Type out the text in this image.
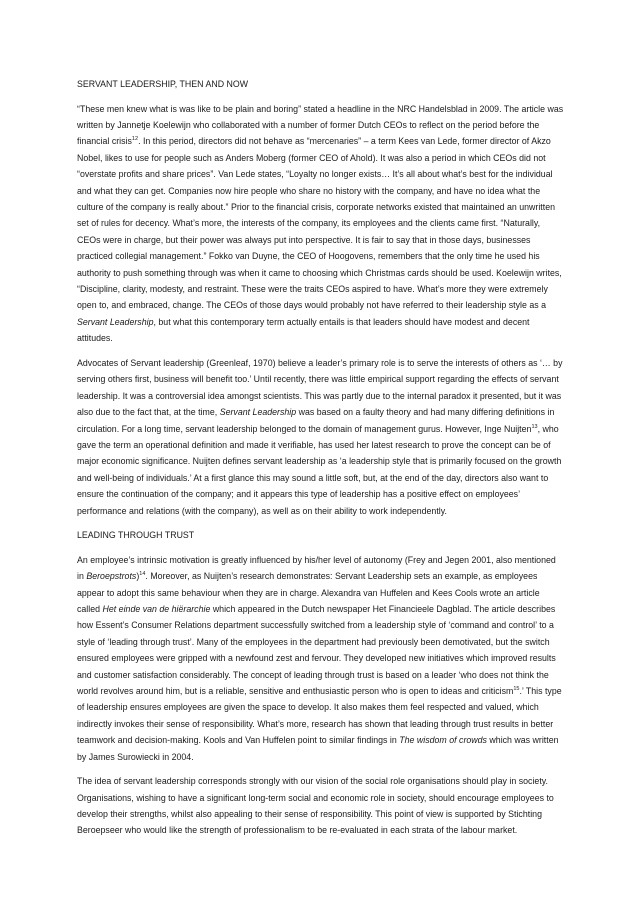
SERVANT LEADERSHIP, THEN AND NOW

“These men knew what is was like to be plain and boring” stated a headline in the NRC Handelsblad in 2009. The article was written by Jannetje Koelewijn who collaborated with a number of former Dutch CEOs to reflect on the period before the financial crisis$^{12}$. In this period, directors did not behave as “mercenaries” – a term Kees van Lede, former director of Akzo Nobel, likes to use for people such as Anders Moberg (former CEO of Ahold). It was also a period in which CEOs did not “overstate profits and share prices”. Van Lede states, “Loyalty no longer exists… It’s all about what’s best for the individual and what they can get. Companies now hire people who share no history with the company, and have no idea what the culture of the company is really about.” Prior to the financial crisis, corporate networks existed that maintained an unwritten set of rules for decency. What’s more, the interests of the company, its employees and the clients came first. “Naturally, CEOs were in charge, but their power was always put into perspective. It is fair to say that in those days, businesses practiced collegial management.” Fokko van Duyne, the CEO of Hoogovens, remembers that the only time he used his authority to push something through was when it came to choosing which Christmas cards should be used. Koelewijn writes, “Discipline, clarity, modesty, and restraint. These were the traits CEOs aspired to have. What’s more they were extremely open to, and embraced, change. The CEOs of those days would probably not have referred to their leadership style as a Servant Leadership, but what this contemporary term actually entails is that leaders should have modest and decent attitudes.

Advocates of Servant leadership (Greenleaf, 1970) believe a leader’s primary role is to serve the interests of others as ‘… by serving others first, business will benefit too.’ Until recently, there was little empirical support regarding the effects of servant leadership. It was a controversial idea amongst scientists. This was partly due to the internal paradox it presented, but it was also due to the fact that, at the time, Servant Leadership was based on a faulty theory and had many differing definitions in circulation. For a long time, servant leadership belonged to the domain of management gurus. However, Inge Nuijten$^{13}$, who gave the term an operational definition and made it verifiable, has used her latest research to prove the concept can be of major economic significance. Nuijten defines servant leadership as ‘a leadership style that is primarily focused on the growth and well-being of individuals.’ At a first glance this may sound a little soft, but, at the end of the day, directors also want to ensure the continuation of the company; and it appears this type of leadership has a positive effect on employees’ performance and relations (with the company), as well as on their ability to work independently.

LEADING THROUGH TRUST

An employee’s intrinsic motivation is greatly influenced by his/her level of autonomy (Frey and Jegen 2001, also mentioned in Beroepstrots)$^{14}$. Moreover, as Nuijten’s research demonstrates: Servant Leadership sets an example, as employees appear to adopt this same behaviour when they are in charge. Alexandra van Huffelen and Kees Cools wrote an article called Het einde van de hiërarchie which appeared in the Dutch newspaper Het Financieele Dagblad. The article describes how Essent’s Consumer Relations department successfully switched from a leadership style of ‘command and control’ to a style of ‘leading through trust’. Many of the employees in the department had previously been demotivated, but the switch ensured employees were gripped with a newfound zest and fervour. They developed new initiatives which improved results and customer satisfaction considerably. The concept of leading through trust is based on a leader ‘who does not think the world revolves around him, but is a reliable, sensitive and enthusiastic person who is open to ideas and criticism$^{15}$.’ This type of leadership ensures employees are given the space to develop. It also makes them feel respected and valued, which indirectly invokes their sense of responsibility. What’s more, research has shown that leading through trust results in better teamwork and decision-making. Kools and Van Huffelen point to similar findings in The wisdom of crowds which was written by James Surowiecki in 2004.

The idea of servant leadership corresponds strongly with our vision of the social role organisations should play in society. Organisations, wishing to have a significant long-term social and economic role in society, should encourage employees to develop their strengths, whilst also appealing to their sense of responsibility. This point of view is supported by Stichting Beroepseer who would like the strength of professionalism to be re-evaluated in each strata of the labour market.
